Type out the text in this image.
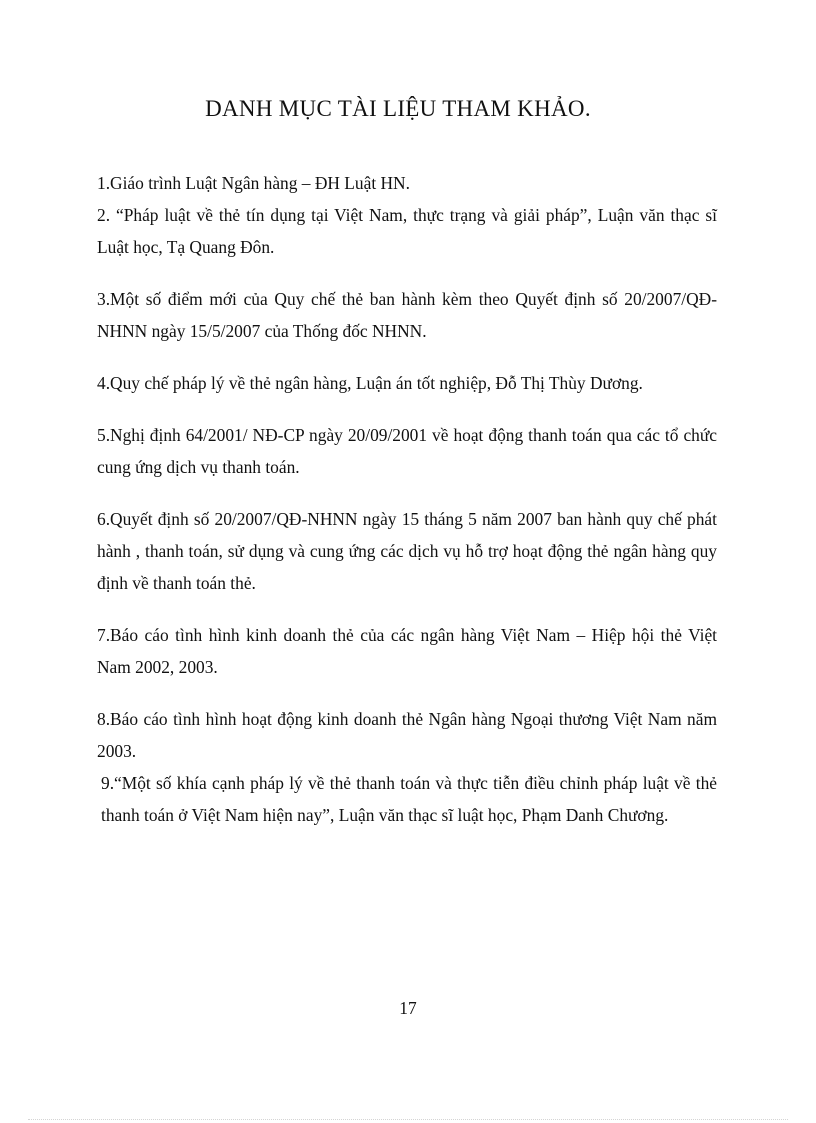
DANH MỤC TÀI LIỆU THAM KHẢO.

1.Giáo trình Luật Ngân hàng – ĐH Luật HN.

2. “Pháp luật về thẻ tín dụng tại Việt Nam, thực trạng và giải pháp”, Luận văn thạc sĩ Luật học, Tạ Quang Đôn.

3.Một số điểm mới của Quy chế thẻ ban hành kèm theo Quyết định số 20/2007/QĐ-NHNN ngày 15/5/2007 của Thống đốc NHNN.

4.Quy chế pháp lý về thẻ ngân hàng, Luận án tốt nghiệp, Đỗ Thị Thùy Dương.

5.Nghị định 64/2001/ NĐ-CP ngày 20/09/2001 về hoạt động thanh toán qua các tổ chức cung ứng dịch vụ thanh toán.

6.Quyết định số 20/2007/QĐ-NHNN ngày 15 tháng 5 năm 2007 ban hành quy chế phát hành , thanh toán, sử dụng và cung ứng các dịch vụ hỗ trợ hoạt động thẻ ngân hàng quy định về thanh toán thẻ.

7.Báo cáo tình hình kinh doanh thẻ của các ngân hàng Việt Nam – Hiệp hội thẻ Việt Nam 2002, 2003.

8.Báo cáo tình hình hoạt động kinh doanh thẻ Ngân hàng Ngoại thương Việt Nam năm 2003.

9.“Một số khía cạnh pháp lý về thẻ thanh toán và thực tiễn điều chỉnh pháp luật về thẻ thanh toán ở Việt Nam hiện nay”, Luận văn thạc sĩ luật học, Phạm Danh Chương.

17
